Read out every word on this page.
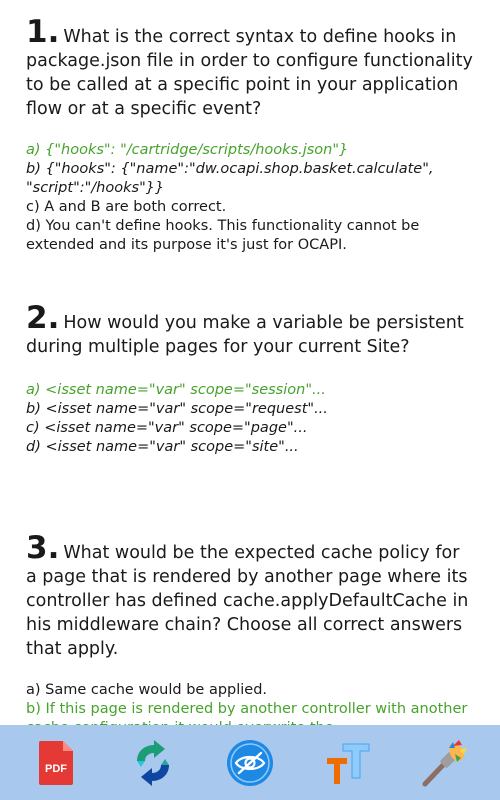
1. What is the correct syntax to define hooks in package.json file in order to configure functionality to be called at a specific point in your application flow or at a specific event?

a) {"hooks": "/cartridge/scripts/hooks.json"}

b) {"hooks": {"name":"dw.ocapi.shop.basket.calculate", "script":"/hooks"}}

c) A and B are both correct.

d) You can't define hooks. This functionality cannot be extended and its purpose it's just for OCAPI.

2. How would you make a variable be persistent during multiple pages for your current Site?

a) <isset name="var" scope="session"...

b) <isset name="var" scope="request"...

c) <isset name="var" scope="page"...

d) <isset name="var" scope="site"...

3. What would be the expected cache policy for a page that is rendered by another page where its controller has defined cache.applyDefaultCache in his middleware chain? Choose all correct answers that apply.

a) Same cache would be applied.

b) If this page is rendered by another controller with another

PDF
